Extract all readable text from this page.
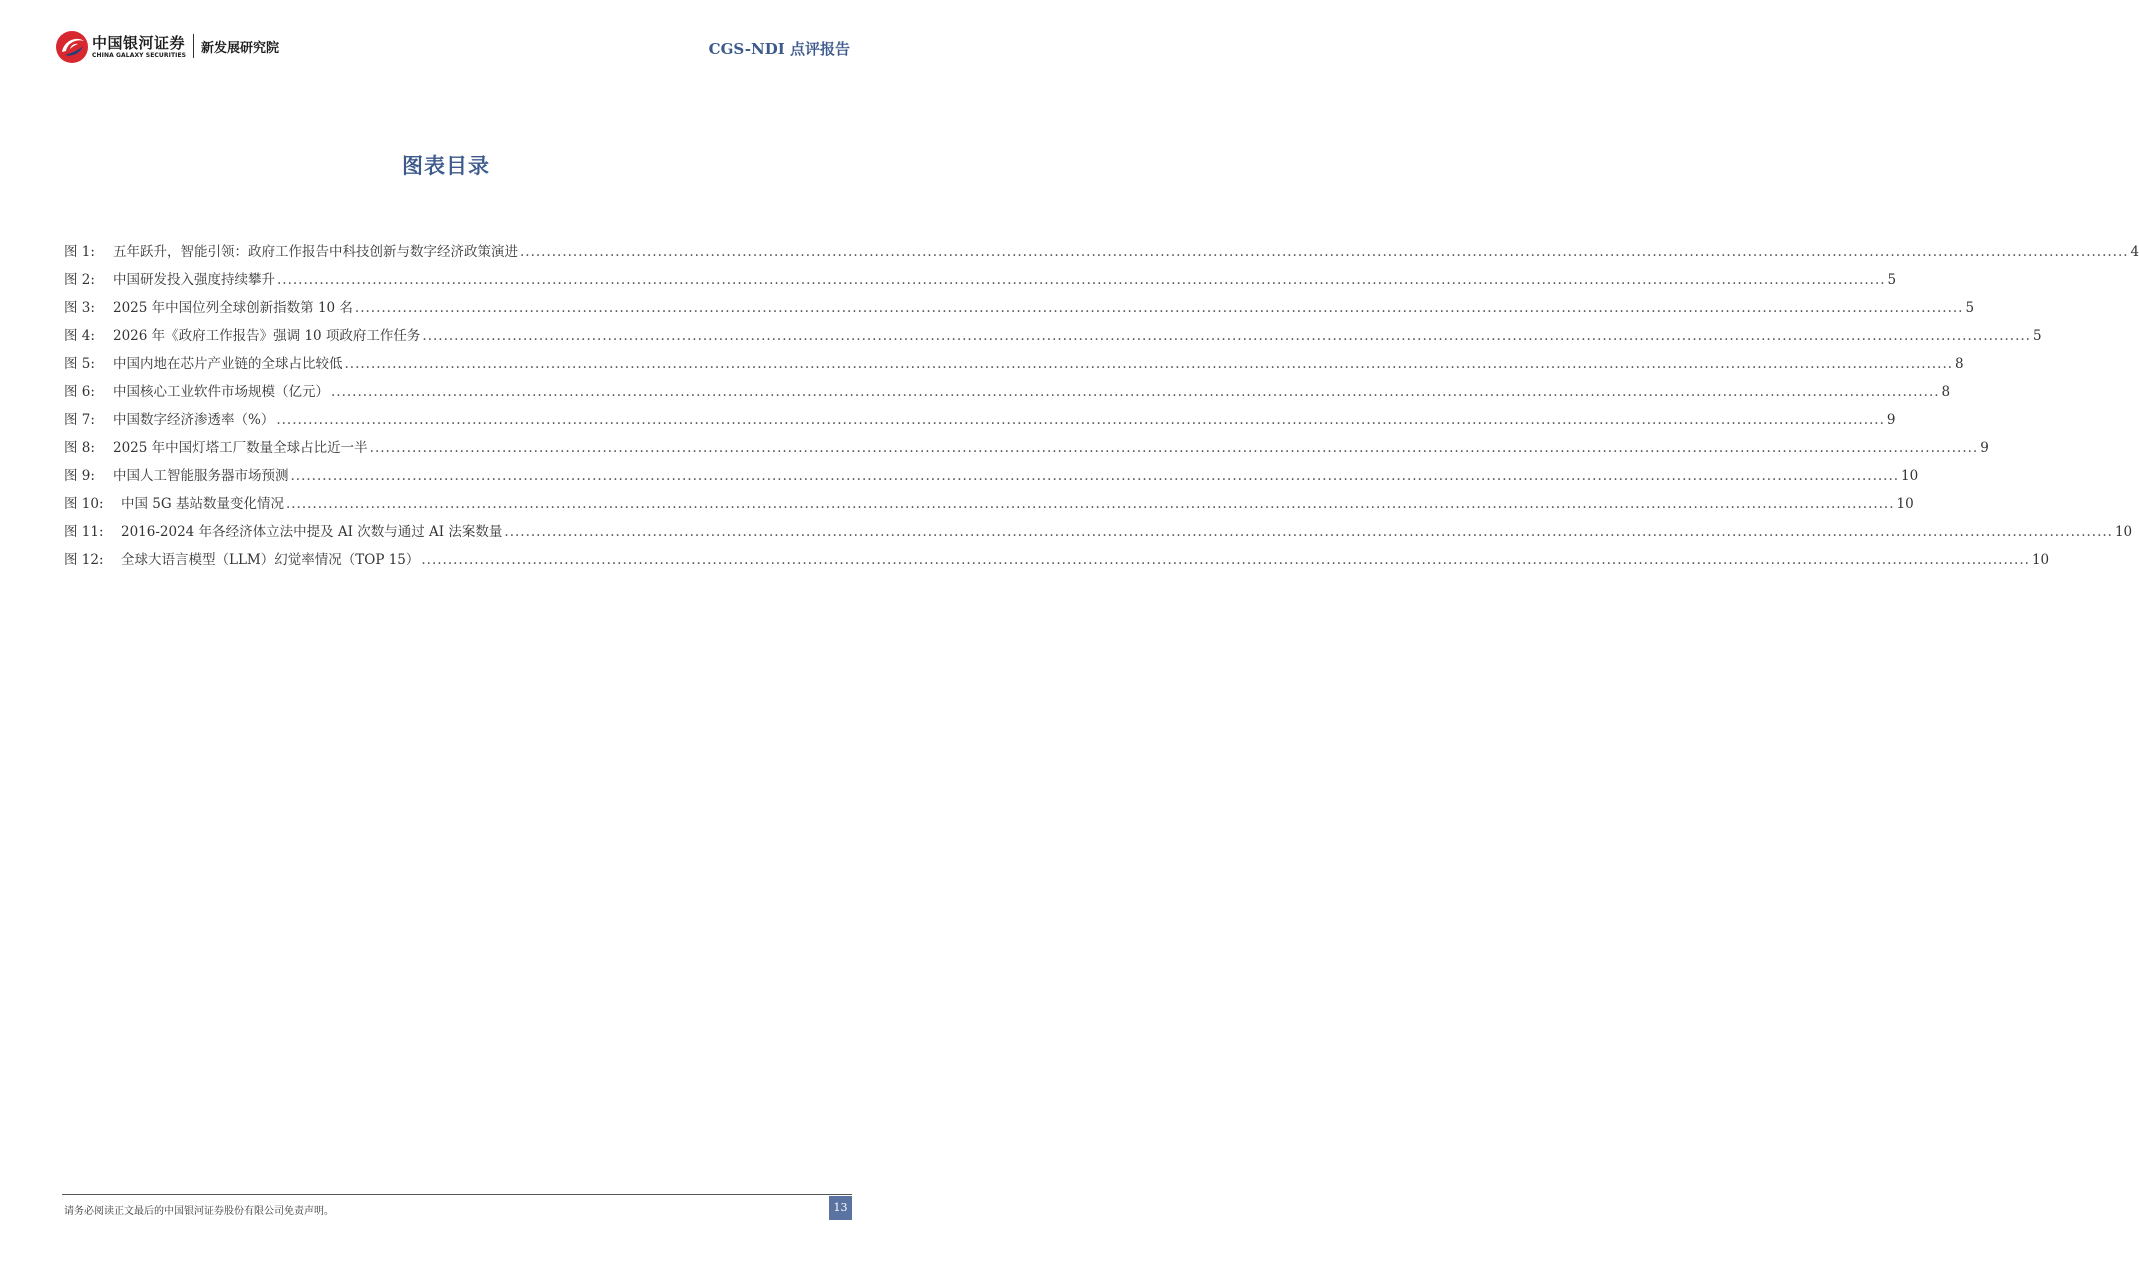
中国银河证券
CHINA GALAXY SECURITIES 新发展研究院	CGS-NDI 点评报告
图表目录
图 1:	五年跃升，智能引领：政府工作报告中科技创新与数字经济政策演进 .....	4
图 2:	中国研发投入强度持续攀升 .....	5
图 3:	2025 年中国位列全球创新指数第 10 名 .....	5
图 4:	2026 年《政府工作报告》强调 10 项政府工作任务 .....	5
图 5:	中国内地在芯片产业链的全球占比较低 .....	8
图 6:	中国核心工业软件市场规模（亿元） .....	8
图 7:	中国数字经济渗透率（%） .....	9
图 8:	2025 年中国灯塔工厂数量全球占比近一半 .....	9
图 9:	中国人工智能服务器市场预测 .....	10
图 10:	中国 5G 基站数量变化情况 .....	10
图 11:	2016-2024 年各经济体立法中提及 AI 次数与通过 AI 法案数量 .....	10
图 12:	全球大语言模型（LLM）幻觉率情况（TOP 15） .....	10
请务必阅读正文最后的中国银河证券股份有限公司免责声明。	13
